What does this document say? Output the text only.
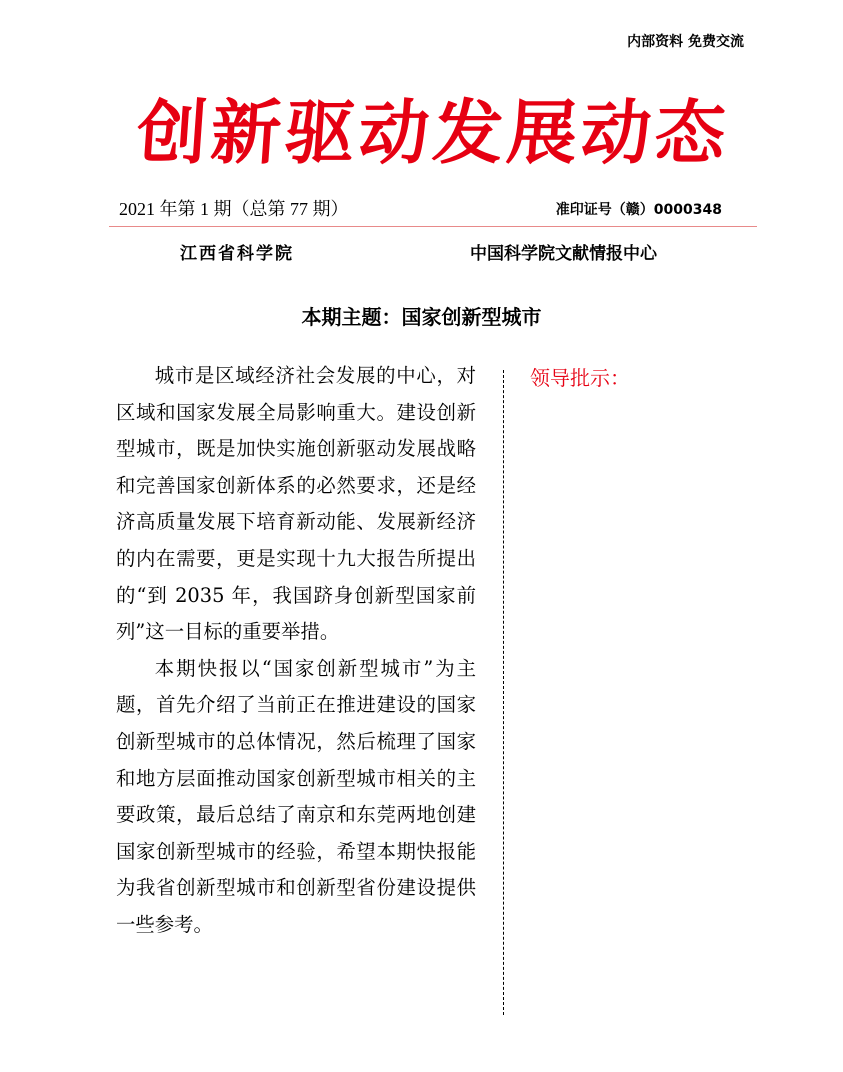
内部资料 免费交流
创新驱动发展动态
2021 年第 1 期（总第 77 期）	准印证号（赣）0000348
江西省科学院	中国科学院文献情报中心
本期主题：国家创新型城市

城市是区域经济社会发展的中心，对区域和国家发展全局影响重大。建设创新型城市，既是加快实施创新驱动发展战略和完善国家创新体系的必然要求，还是经济高质量发展下培育新动能、发展新经济的内在需要，更是实现十九大报告所提出的“到 2035 年，我国跻身创新型国家前列”这一目标的重要举措。

本期快报以“国家创新型城市”为主题，首先介绍了当前正在推进建设的国家创新型城市的总体情况，然后梳理了国家和地方层面推动国家创新型城市相关的主要政策，最后总结了南京和东莞两地创建国家创新型城市的经验，希望本期快报能为我省创新型城市和创新型省份建设提供一些参考。

领导批示：
